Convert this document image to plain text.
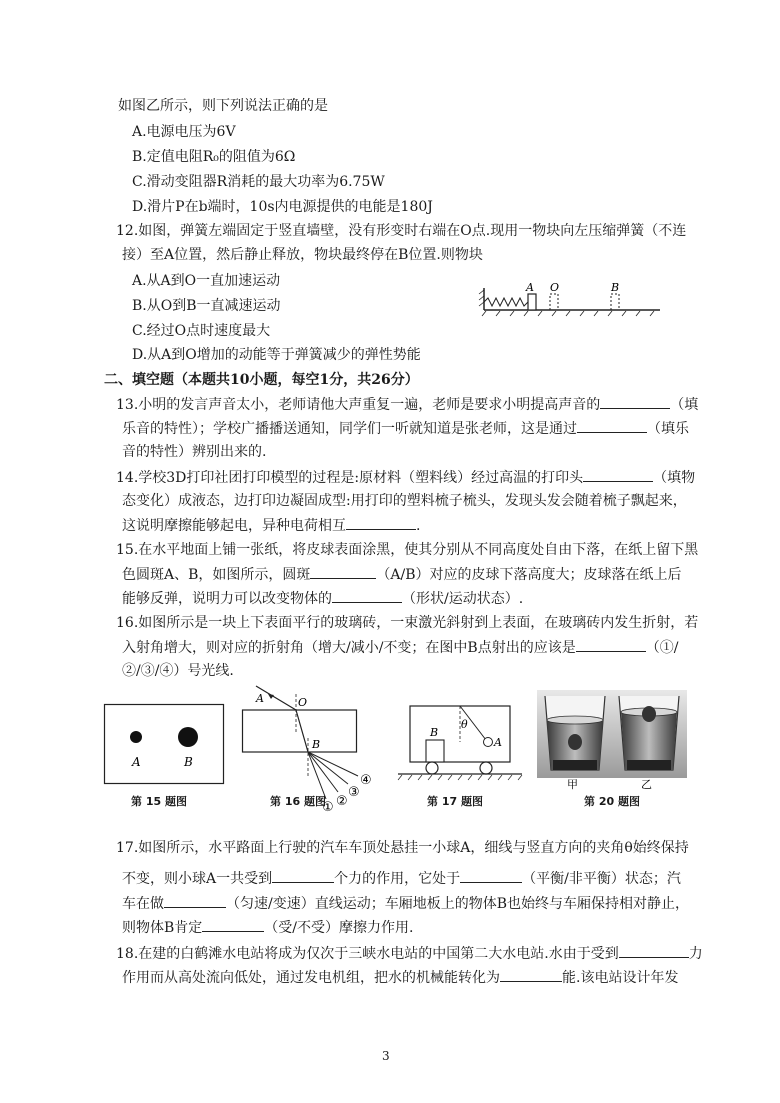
如图乙所示，则下列说法正确的是
A.电源电压为6V
B.定值电阻R₀的阻值为6Ω
C.滑动变阻器R消耗的最大功率为6.75W
D.滑片P在b端时，10s内电源提供的电能是180J
12.如图，弹簧左端固定于竖直墙壁，没有形变时右端在O点.现用一物块向左压缩弹簧（不连
接）至A位置，然后静止释放，物块最终停在B位置.则物块
A.从A到O一直加速运动
B.从O到B一直减速运动
C.经过O点时速度最大
D.从A到O增加的动能等于弹簧减少的弹性势能
A O	B
二、填空题（本题共10小题，每空1分，共26分）
13.小明的发言声音太小，老师请他大声重复一遍，老师是要求小明提高声音的	（填
乐音的特性）；学校广播播送通知，同学们一听就知道是张老师，这是通过	（填乐
音的特性）辨别出来的.
14.学校3D打印社团打印模型的过程是:原材料（塑料线）经过高温的打印头	（填物
态变化）成液态，边打印边凝固成型:用打印的塑料梳子梳头，发现头发会随着梳子飘起来，
这说明摩擦能够起电，异种电荷相互	.
15.在水平地面上铺一张纸，将皮球表面涂黑，使其分别从不同高度处自由下落，在纸上留下黑
色圆斑A、B，如图所示，圆斑	（A/B）对应的皮球下落高度大；皮球落在纸上后
能够反弹，说明力可以改变物体的	（形状/运动状态）.
16.如图所示是一块上下表面平行的玻璃砖，一束激光斜射到上表面，在玻璃砖内发生折射，若
入射角增大，则对应的折射角（增大/减小/不变；在图中B点射出的应该是	（①/
②/③/④）号光线.
A	B
第 15 题图
A	O
B
① ②
③
④
第 16 题图
B
θ
A
第 17 题图
甲	乙
第 20 题图
17.如图所示，水平路面上行驶的汽车车顶处悬挂一小球A，细线与竖直方向的夹角θ始终保持
不变，则小球A一共受到	个力的作用，它处于	（平衡/非平衡）状态；汽
车在做	（匀速/变速）直线运动；车厢地板上的物体B也始终与车厢保持相对静止，
则物体B肯定	（受/不受）摩擦力作用.
18.在建的白鹤滩水电站将成为仅次于三峡水电站的中国第二大水电站.水由于受到	力
作用而从高处流向低处，通过发电机组，把水的机械能转化为	能.该电站设计年发
3
